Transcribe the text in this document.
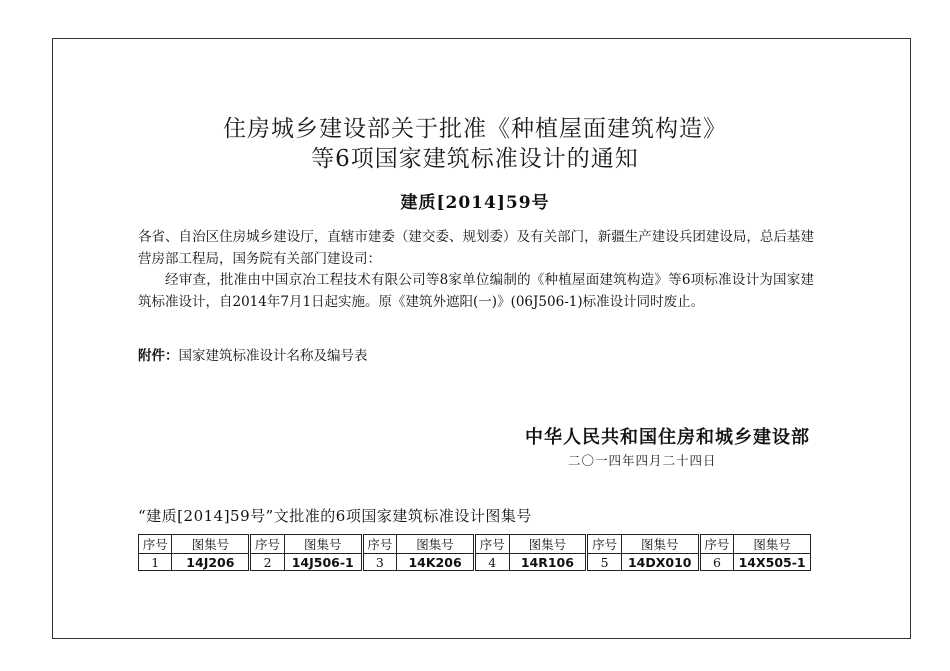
住房城乡建设部关于批准《种植屋面建筑构造》
等6项国家建筑标准设计的通知
建质[2014]59号

各省、自治区住房城乡建设厅，直辖市建委（建交委、规划委）及有关部门，新疆生产建设兵团建设局，总后基建营房部工程局，国务院有关部门建设司：

经审查，批准由中国京冶工程技术有限公司等8家单位编制的《种植屋面建筑构造》等6项标准设计为国家建筑标准设计，自2014年7月1日起实施。原《建筑外遮阳(一)》(06J506-1)标准设计同时废止。

附件：国家建筑标准设计名称及编号表
中华人民共和国住房和城乡建设部
二〇一四年四月二十四日
“建质[2014]59号”文批准的6项国家建筑标准设计图集号
序号	图集号	序号	图集号	序号	图集号	序号	图集号	序号	图集号	序号	图集号
1	14J206	2	14J506-1	3	14K206	4	14R106	5	14DX010	6	14X505-1
